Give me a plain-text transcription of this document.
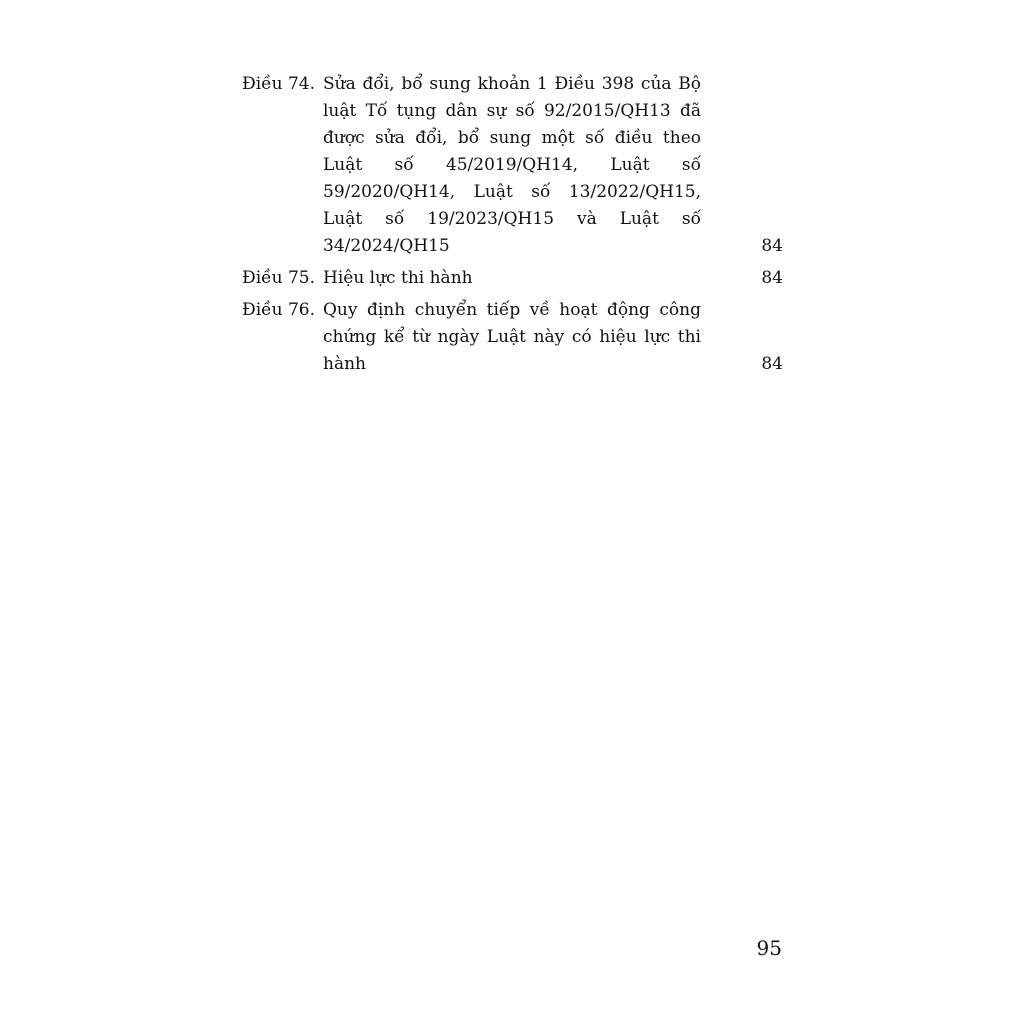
Điều 74. Sửa đổi, bổ sung khoản 1 Điều 398 của Bộ luật Tố tụng dân sự số 92/2015/QH13 đã được sửa đổi, bổ sung một số điều theo Luật số 45/2019/QH14, Luật số 59/2020/QH14, Luật số 13/2022/QH15, Luật số 19/2023/QH15 và Luật số 34/2024/QH15	84
Điều 75. Hiệu lực thi hành	84
Điều 76. Quy định chuyển tiếp về hoạt động công chứng kể từ ngày Luật này có hiệu lực thi hành	84
95
